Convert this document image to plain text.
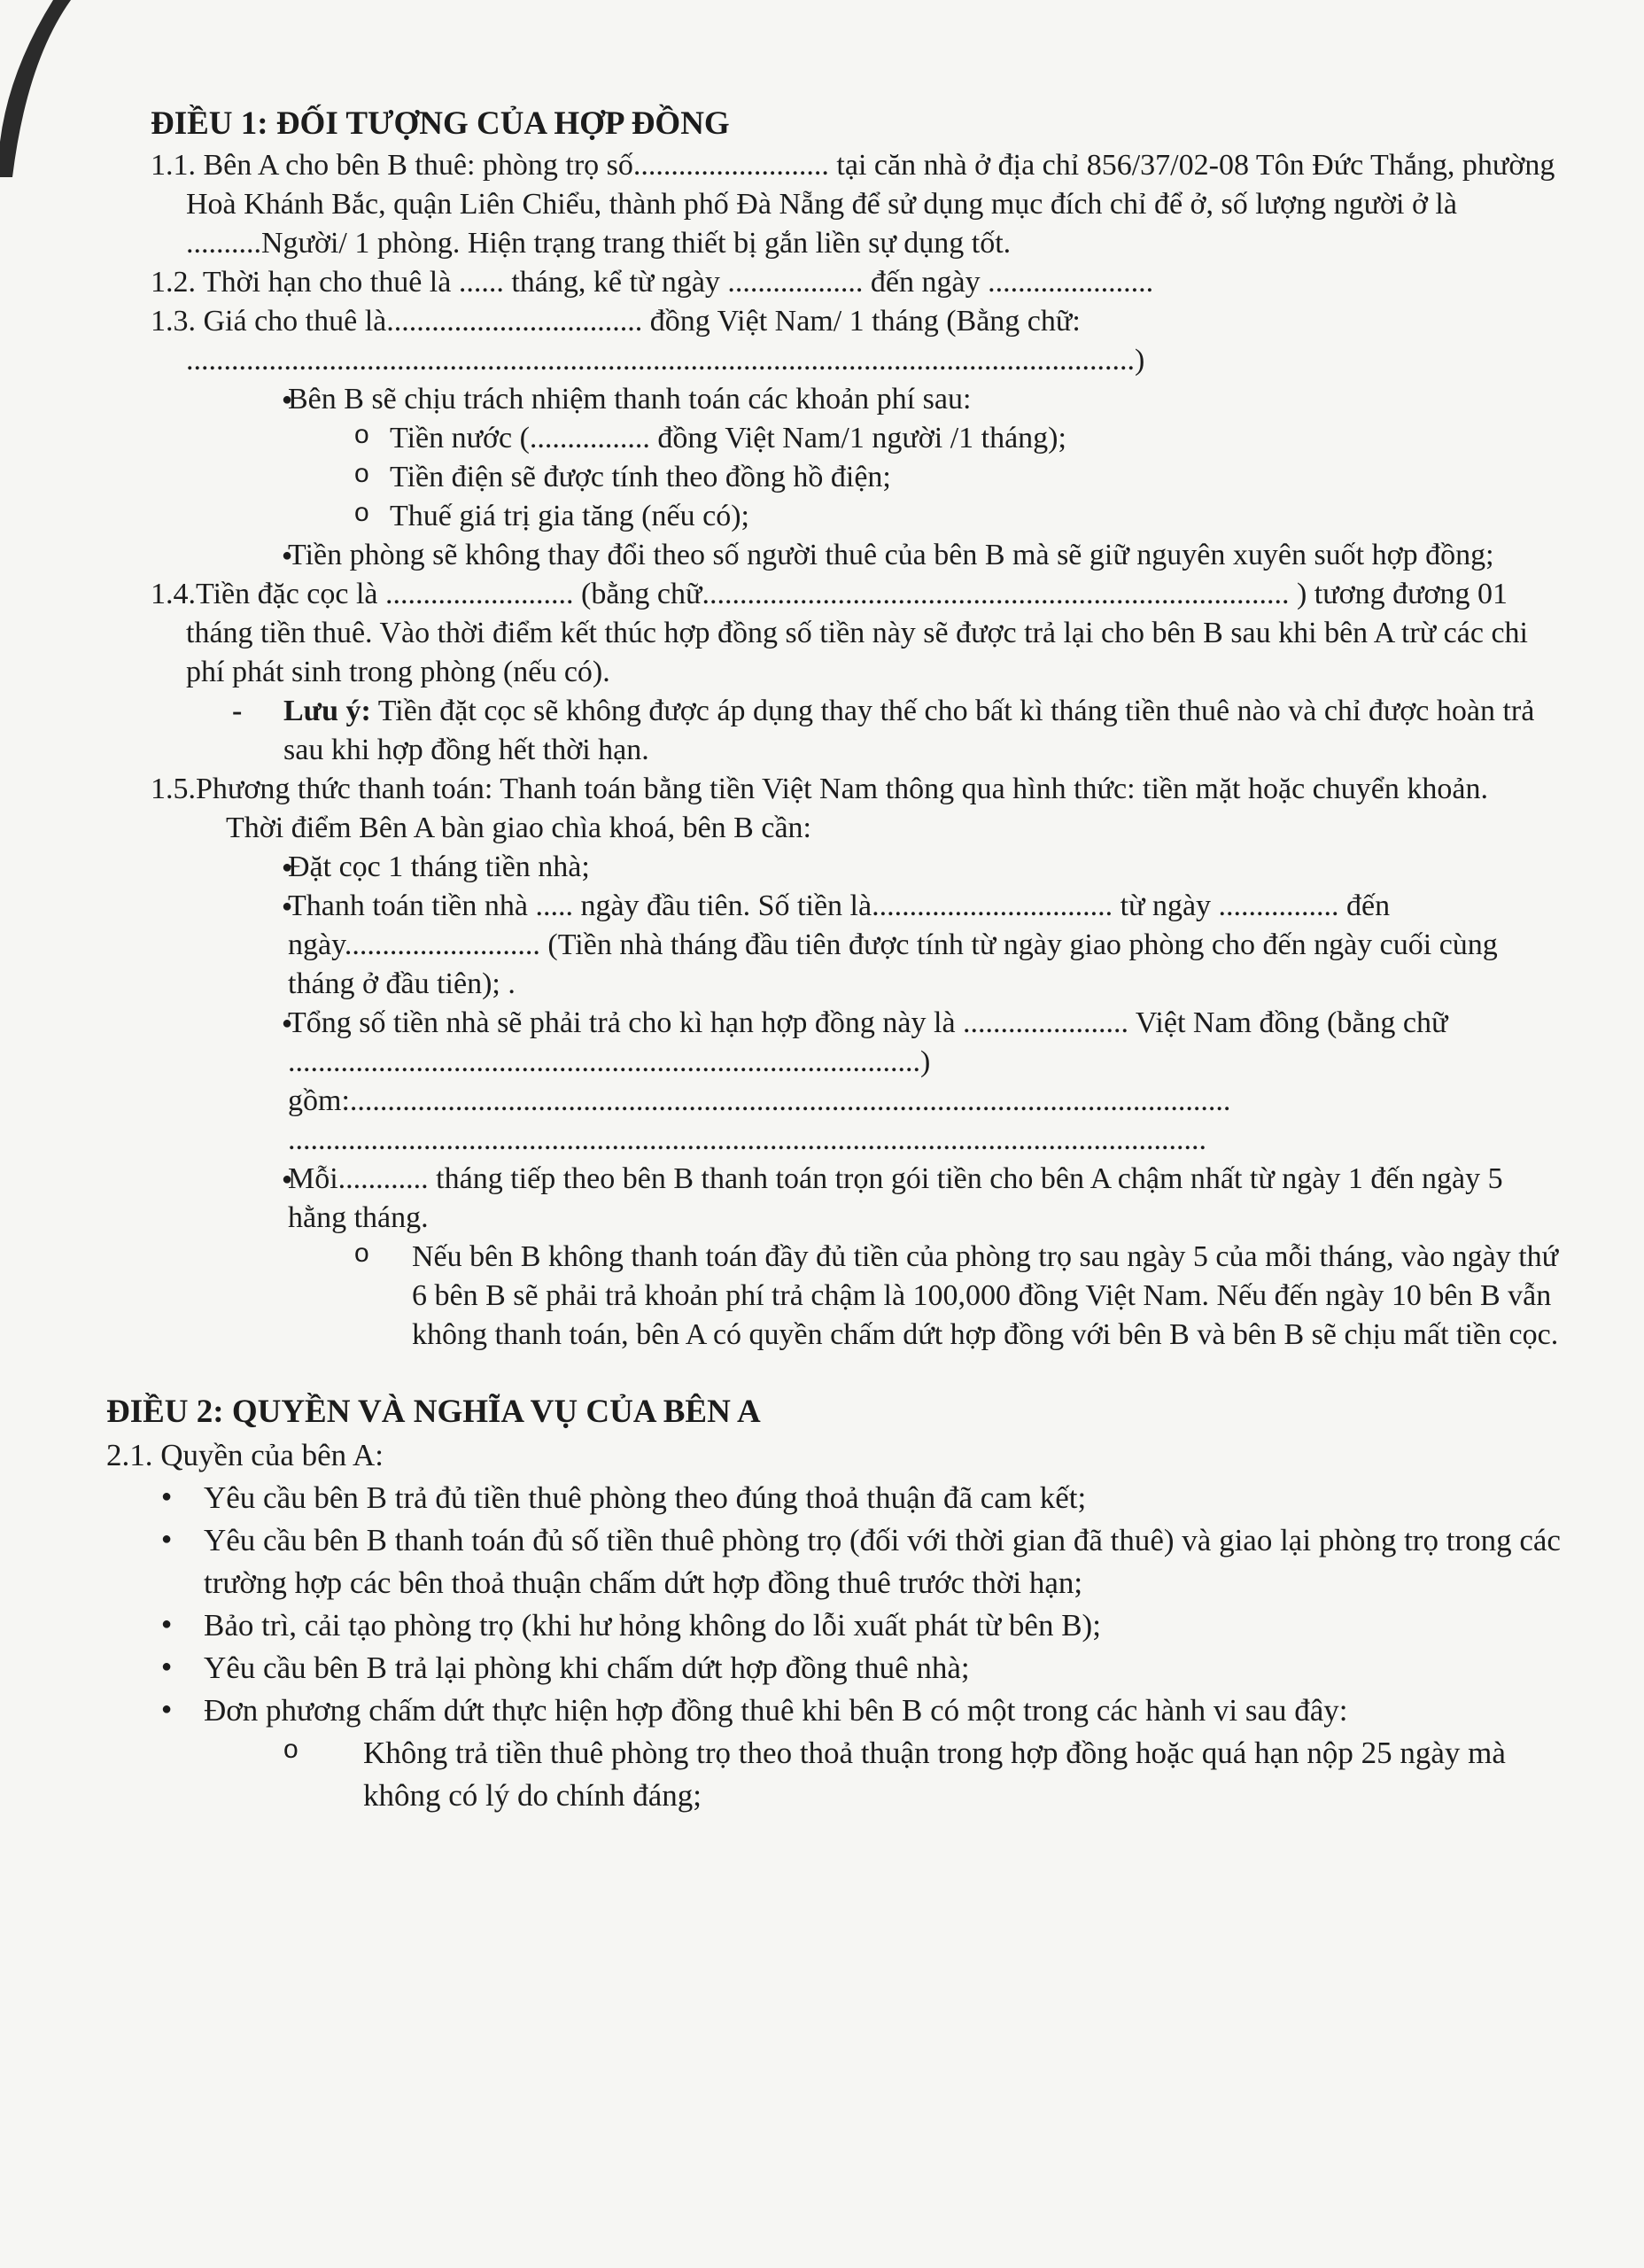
ĐIỀU 1: ĐỐI TƯỢNG CỦA HỢP ĐỒNG

1.1. Bên A cho bên B thuê: phòng trọ số.......................... tại căn nhà ở địa chỉ 856/37/02-08 Tôn Đức Thắng, phường Hoà Khánh Bắc, quận Liên Chiểu, thành phố Đà Nẵng để sử dụng mục đích chỉ để ở, số lượng người ở là ..........Người/ 1 phòng. Hiện trạng trang thiết bị gắn liền sự dụng tốt.

1.2. Thời hạn cho thuê là ...... tháng, kể từ ngày .................. đến ngày ......................

1.3. Giá cho thuê là.................................. đồng Việt Nam/ 1 tháng (Bằng chữ:

..............................................................................................................................)

● Bên B sẽ chịu trách nhiệm thanh toán các khoản phí sau:
o Tiền nước (................ đồng Việt Nam/1 người /1 tháng);
o Tiền điện sẽ được tính theo đồng hồ điện;
o Thuế giá trị gia tăng (nếu có);
● Tiền phòng sẽ không thay đổi theo số người thuê của bên B mà sẽ giữ nguyên xuyên suốt hợp đồng;

1.4.Tiền đặc cọc là ......................... (bằng chữ.............................................................................. ) tương đương 01 tháng tiền thuê. Vào thời điểm kết thúc hợp đồng số tiền này sẽ được trả lại cho bên B sau khi bên A trừ các chi phí phát sinh trong phòng (nếu có).

- Lưu ý: Tiền đặt cọc sẽ không được áp dụng thay thế cho bất kì tháng tiền thuê nào và chỉ được hoàn trả sau khi hợp đồng hết thời hạn.

1.5.Phương thức thanh toán: Thanh toán bằng tiền Việt Nam thông qua hình thức: tiền mặt hoặc chuyển khoản.

Thời điểm Bên A bàn giao chìa khoá, bên B cần:

● Đặt cọc 1 tháng tiền nhà;
● Thanh toán tiền nhà ..... ngày đầu tiên. Số tiền là................................ từ ngày ................ đến ngày.......................... (Tiền nhà tháng đầu tiên được tính từ ngày giao phòng cho đến ngày cuối cùng tháng ở đầu tiên); .
● Tổng số tiền nhà sẽ phải trả cho kì hạn hợp đồng này là ...................... Việt Nam đồng (bằng chữ ....................................................................................) gồm:..................................................................................................................... ..........................................................................................................................
● Mỗi............ tháng tiếp theo bên B thanh toán trọn gói tiền cho bên A chậm nhất từ ngày 1 đến ngày 5 hằng tháng.
o Nếu bên B không thanh toán đầy đủ tiền của phòng trọ sau ngày 5 của mỗi tháng, vào ngày thứ 6 bên B sẽ phải trả khoản phí trả chậm là 100,000 đồng Việt Nam. Nếu đến ngày 10 bên B vẫn không thanh toán, bên A có quyền chấm dứt hợp đồng với bên B và bên B sẽ chịu mất tiền cọc.
ĐIỀU 2: QUYỀN VÀ NGHĨA VỤ CỦA BÊN A

2.1. Quyền của bên A:

● Yêu cầu bên B trả đủ tiền thuê phòng theo đúng thoả thuận đã cam kết;
● Yêu cầu bên B thanh toán đủ số tiền thuê phòng trọ (đối với thời gian đã thuê) và giao lại phòng trọ trong các trường hợp các bên thoả thuận chấm dứt hợp đồng thuê trước thời hạn;
● Bảo trì, cải tạo phòng trọ (khi hư hỏng không do lỗi xuất phát từ bên B);
● Yêu cầu bên B trả lại phòng khi chấm dứt hợp đồng thuê nhà;
● Đơn phương chấm dứt thực hiện hợp đồng thuê khi bên B có một trong các hành vi sau đây:
o Không trả tiền thuê phòng trọ theo thoả thuận trong hợp đồng hoặc quá hạn nộp 25 ngày mà không có lý do chính đáng;
